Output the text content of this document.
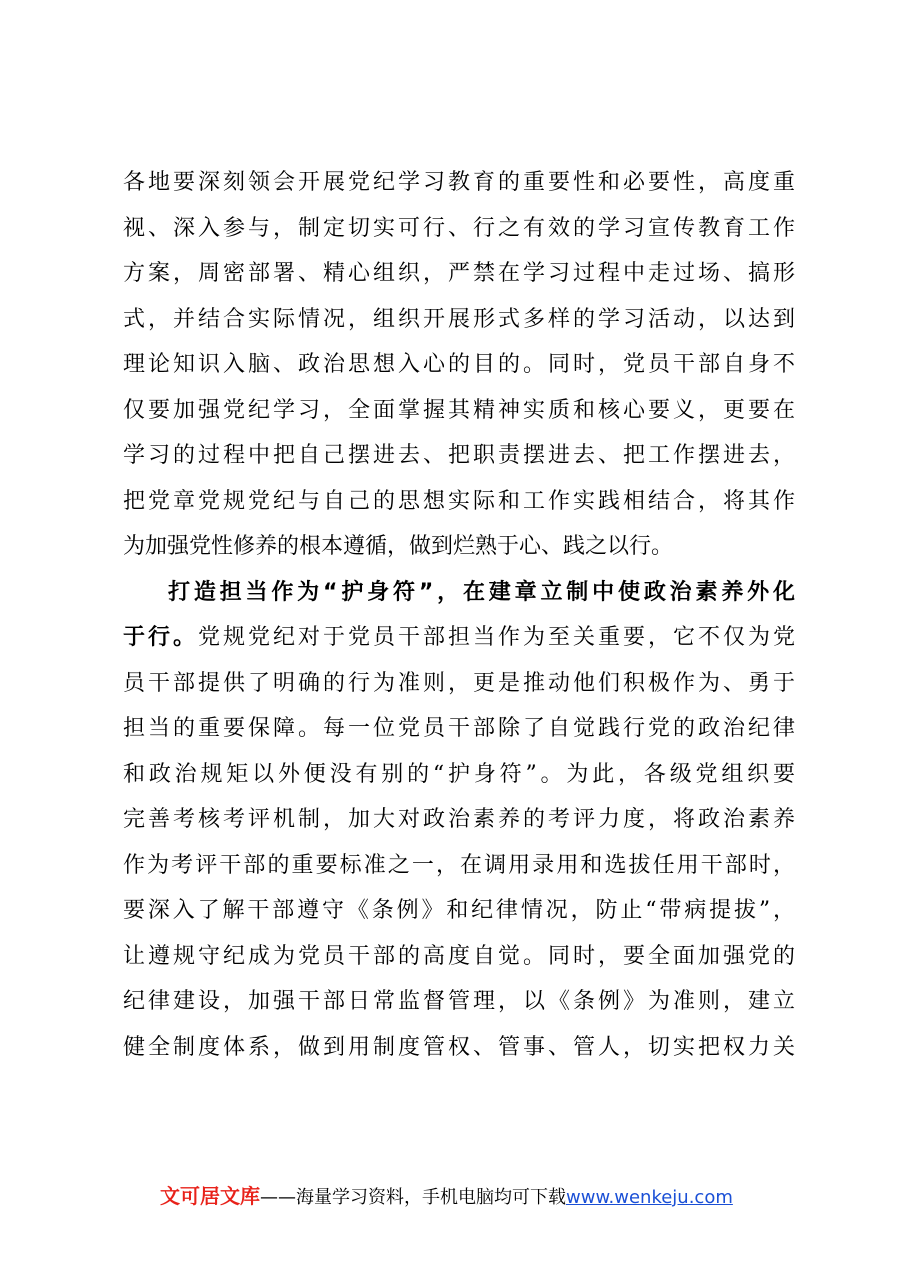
各地要深刻领会开展党纪学习教育的重要性和必要性，高度重
视、深入参与，制定切实可行、行之有效的学习宣传教育工作
方案，周密部署、精心组织，严禁在学习过程中走过场、搞形
式，并结合实际情况，组织开展形式多样的学习活动，以达到
理论知识入脑、政治思想入心的目的。同时，党员干部自身不
仅要加强党纪学习，全面掌握其精神实质和核心要义，更要在
学习的过程中把自己摆进去、把职责摆进去、把工作摆进去，
把党章党规党纪与自己的思想实际和工作实践相结合，将其作
为加强党性修养的根本遵循，做到烂熟于心、践之以行。
打造担当作为“护身符”，在建章立制中使政治素养外化
于行。党规党纪对于党员干部担当作为至关重要，它不仅为党
员干部提供了明确的行为准则，更是推动他们积极作为、勇于
担当的重要保障。每一位党员干部除了自觉践行党的政治纪律
和政治规矩以外便没有别的“护身符”。为此，各级党组织要
完善考核考评机制，加大对政治素养的考评力度，将政治素养
作为考评干部的重要标准之一，在调用录用和选拔任用干部时，
要深入了解干部遵守《条例》和纪律情况，防止“带病提拔”，
让遵规守纪成为党员干部的高度自觉。同时，要全面加强党的
纪律建设，加强干部日常监督管理，以《条例》为准则，建立
健全制度体系，做到用制度管权、管事、管人，切实把权力关
文可居文库——海量学习资料，手机电脑均可下载www.wenkeju.com
